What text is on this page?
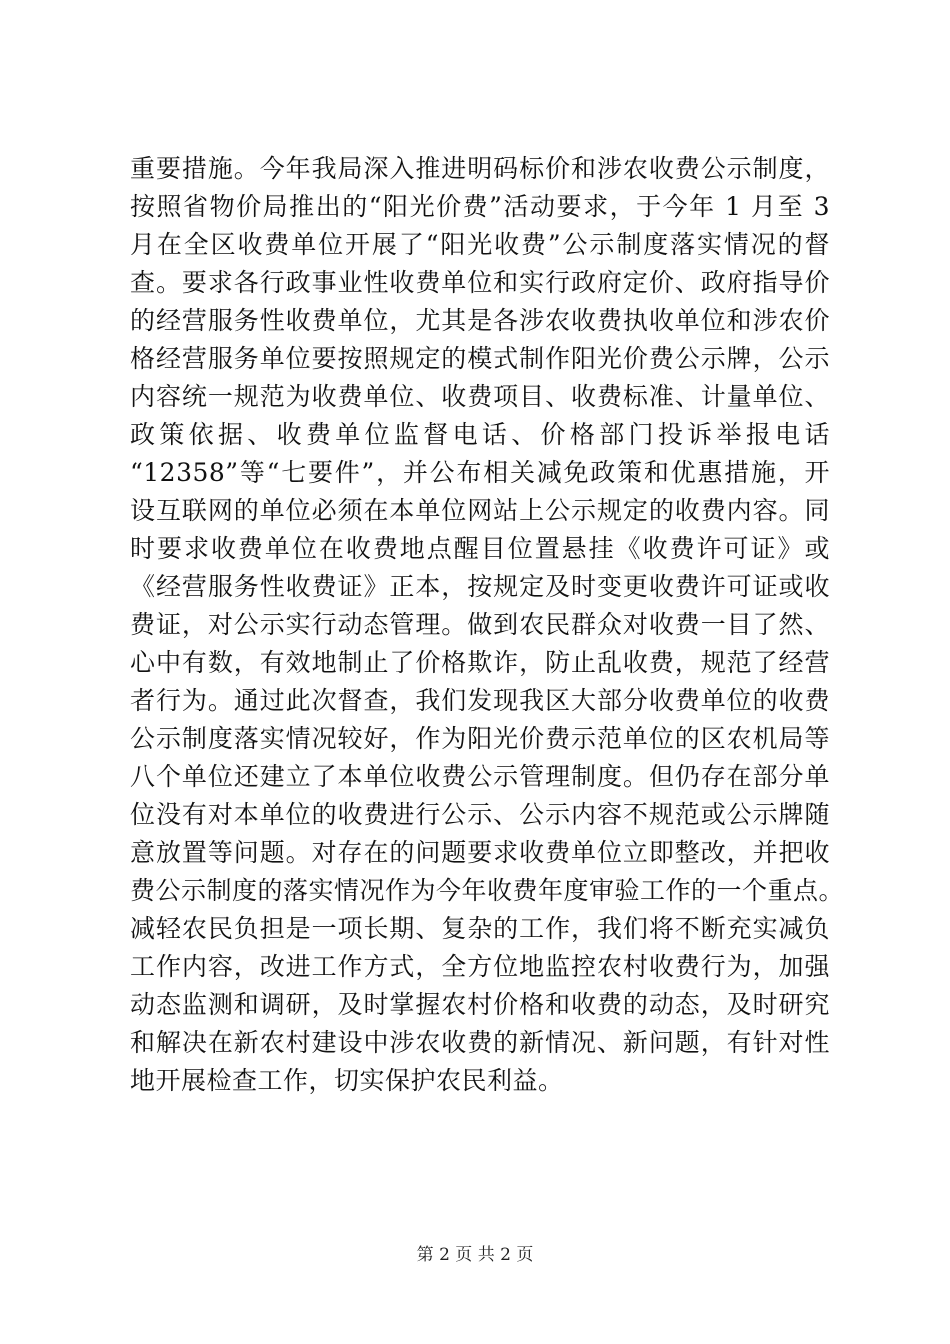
重要措施。今年我局深入推进明码标价和涉农收费公示制度，
按照省物价局推出的“阳光价费”活动要求，于今年 1 月至 3
月在全区收费单位开展了“阳光收费”公示制度落实情况的督
查。要求各行政事业性收费单位和实行政府定价、政府指导价
的经营服务性收费单位，尤其是各涉农收费执收单位和涉农价
格经营服务单位要按照规定的模式制作阳光价费公示牌，公示
内容统一规范为收费单位、收费项目、收费标准、计量单位、
政策依据、收费单位监督电话、价格部门投诉举报电话
“12358”等“七要件”，并公布相关减免政策和优惠措施，开
设互联网的单位必须在本单位网站上公示规定的收费内容。同
时要求收费单位在收费地点醒目位置悬挂《收费许可证》或
《经营服务性收费证》正本，按规定及时变更收费许可证或收
费证，对公示实行动态管理。做到农民群众对收费一目了然、
心中有数，有效地制止了价格欺诈，防止乱收费，规范了经营
者行为。通过此次督查，我们发现我区大部分收费单位的收费
公示制度落实情况较好，作为阳光价费示范单位的区农机局等
八个单位还建立了本单位收费公示管理制度。但仍存在部分单
位没有对本单位的收费进行公示、公示内容不规范或公示牌随
意放置等问题。对存在的问题要求收费单位立即整改，并把收
费公示制度的落实情况作为今年收费年度审验工作的一个重点。
减轻农民负担是一项长期、复杂的工作，我们将不断充实减负
工作内容，改进工作方式，全方位地监控农村收费行为，加强
动态监测和调研，及时掌握农村价格和收费的动态，及时研究
和解决在新农村建设中涉农收费的新情况、新问题，有针对性
地开展检查工作，切实保护农民利益。
第 2 页 共 2 页
